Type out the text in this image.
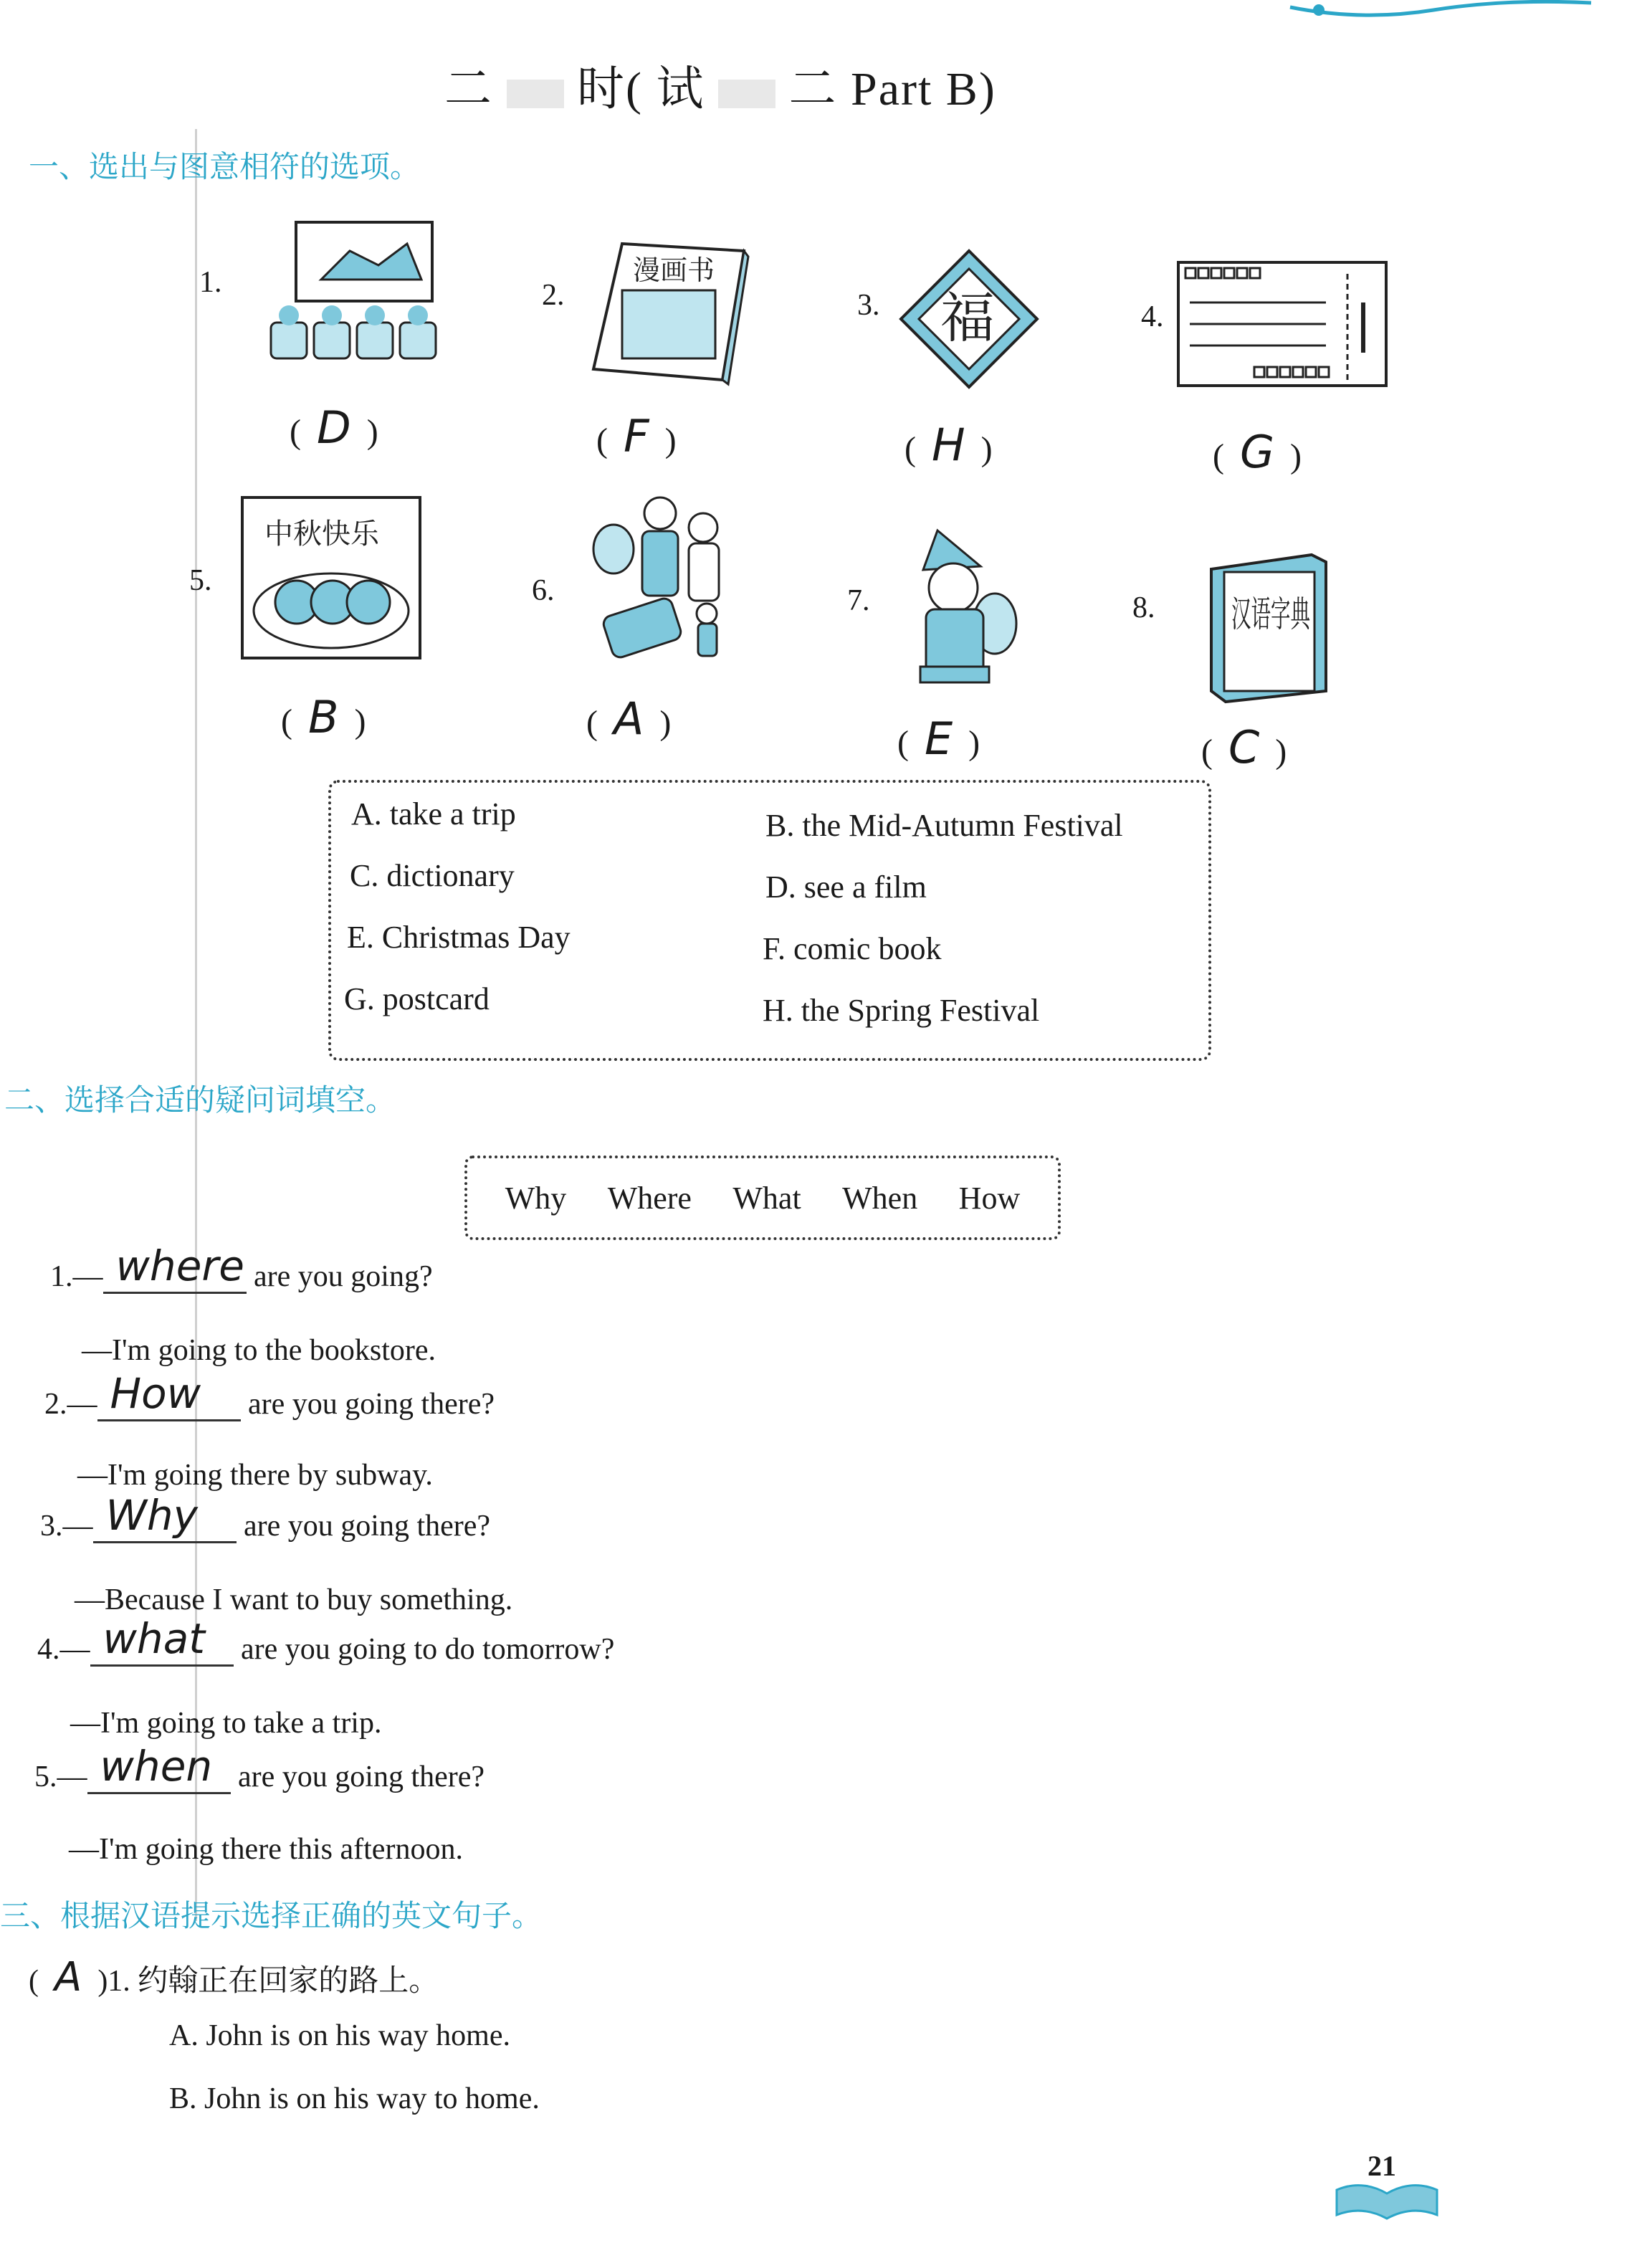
二 时( 试 二 Part B)
一、选出与图意相符的选项。
1.
( D )
2.
漫画书
( F )
3. 福
( H )
4.
( G )
5.
中秋快乐
( B )
6.
( A )
7.
( E )
8. 汉语字典
( C )
A. take a trip	B. the Mid-Autumn Festival
C. dictionary	D. see a film
E. Christmas Day	F. comic book
G. postcard	H. the Spring Festival
二、选择合适的疑问词填空。
Why Where What When How
1.— where are you going?
—I'm going to the bookstore.
2.— How are you going there?
—I'm going there by subway.
3.— Why are you going there?
—Because I want to buy something.
4.— what are you going to do tomorrow?
—I'm going to take a trip.
5.— when are you going there?
—I'm going there this afternoon.
三、根据汉语提示选择正确的英文句子。
( A )1. 约翰正在回家的路上。
A. John is on his way home.
B. John is on his way to home.
21
